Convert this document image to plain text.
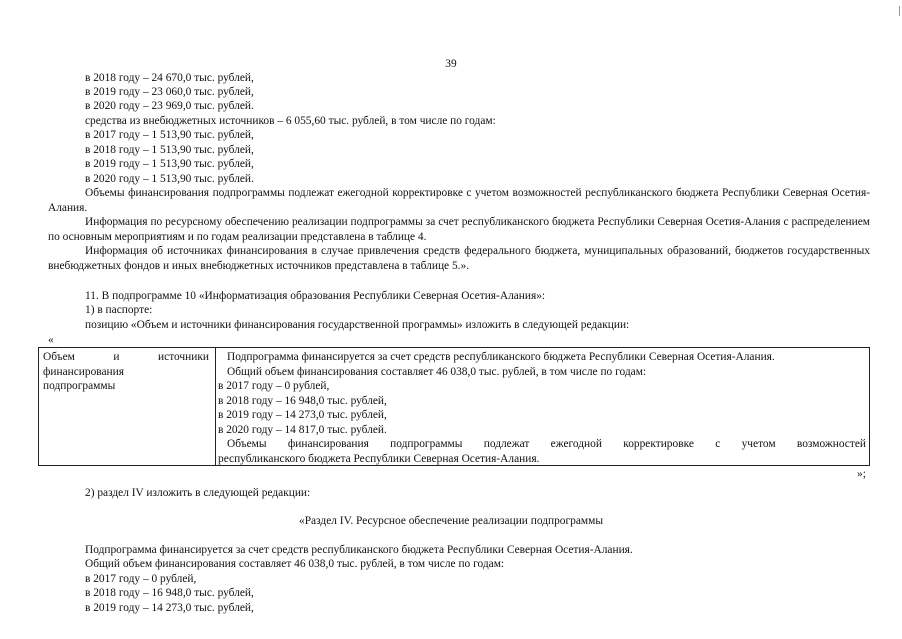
39
в 2018 году – 24 670,0 тыс. рублей,
в 2019 году – 23 060,0 тыс. рублей,
в 2020 году – 23 969,0 тыс. рублей.
средства из внебюджетных источников – 6 055,60 тыс. рублей, в том числе по годам:
в 2017 году – 1 513,90 тыс. рублей,
в 2018 году – 1 513,90 тыс. рублей,
в 2019 году – 1 513,90 тыс. рублей,
в 2020 году – 1 513,90 тыс. рублей.
Объемы финансирования подпрограммы подлежат ежегодной корректировке с учетом возможностей республиканского бюджета Республики Северная Осетия-Алания.
Информация по ресурсному обеспечению реализации подпрограммы за счет республиканского бюджета Республики Северная Осетия-Алания с распределением по основным мероприятиям и по годам реализации представлена в таблице 4.
Информация об источниках финансирования в случае привлечения средств федерального бюджета, муниципальных образований, бюджетов государственных внебюджетных фондов и иных внебюджетных источников представлена в таблице 5.».
11. В подпрограмме 10 «Информатизация образования Республики Северная Осетия-Алания»:
1) в паспорте:
позицию «Объем и источники финансирования государственной программы» изложить в следующей редакции:
«
Объем	и	источники
финансирования
подпрограммы
Подпрограмма финансируется за счет средств республиканского бюджета Республики Северная Осетия-Алания.
Общий объем финансирования составляет 46 038,0 тыс. рублей, в том числе по годам:
в 2017 году – 0 рублей,
в 2018 году – 16 948,0 тыс. рублей,
в 2019 году – 14 273,0 тыс. рублей,
в 2020 году – 14 817,0 тыс. рублей.
Объемы финансирования подпрограммы подлежат ежегодной корректировке с учетом возможностей
республиканского бюджета Республики Северная Осетия-Алания.
»;
2) раздел IV изложить в следующей редакции:
«Раздел IV. Ресурсное обеспечение реализации подпрограммы
Подпрограмма финансируется за счет средств республиканского бюджета Республики Северная Осетия-Алания.
Общий объем финансирования составляет 46 038,0 тыс. рублей, в том числе по годам:
в 2017 году – 0 рублей,
в 2018 году – 16 948,0 тыс. рублей,
в 2019 году – 14 273,0 тыс. рублей,
